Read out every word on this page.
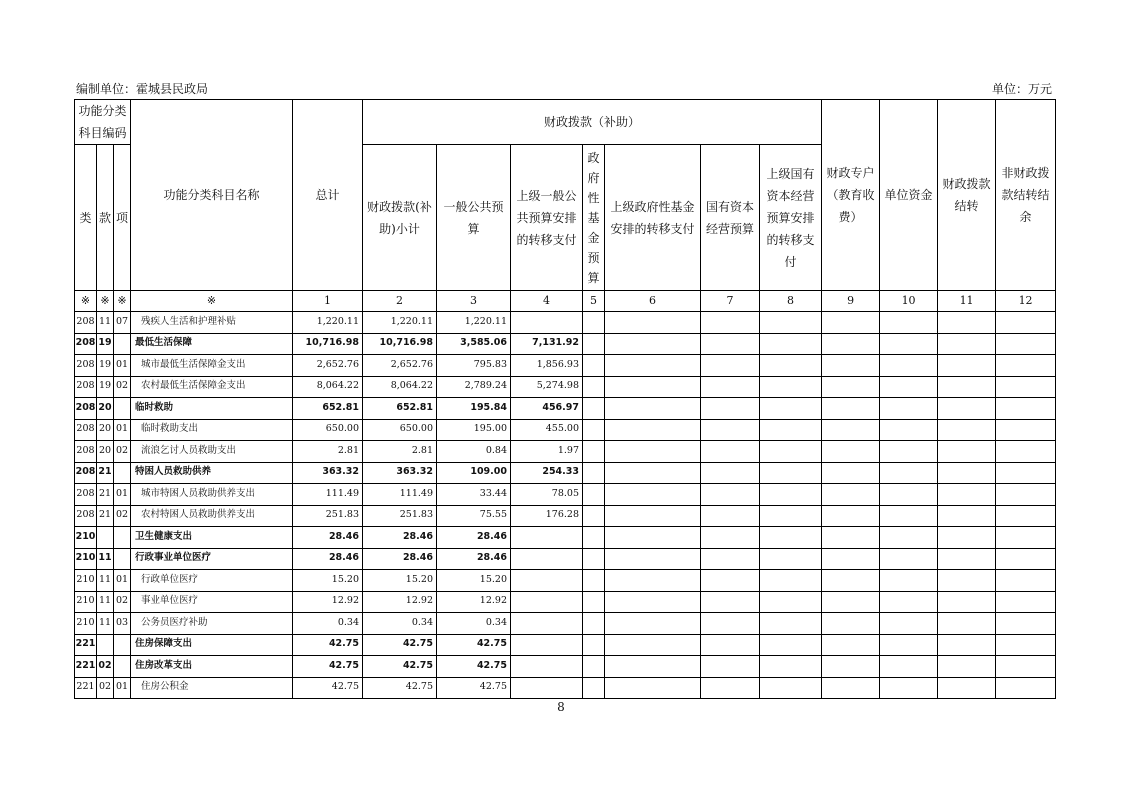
编制单位：霍城县民政局	单位：万元
功能分类科目编码			功能分类科目名称	总计	财政拨款（补助）							财政专户（教育收费）	单位资金	财政拨款结转	非财政拨款结转结余
类	款	项			财政拨款(补助)小计	一般公共预算	上级一般公共预算安排的转移支付	政府性基金预算	上级政府性基金安排的转移支付	国有资本经营预算	上级国有资本经营预算安排的转移支付				
※	※	※	※	1	2	3	4	5	6	7	8	9	10	11	12
208	11	07	残疾人生活和护理补贴	1,220.11	1,220.11	1,220.11									
208	19		最低生活保障	10,716.98	10,716.98	3,585.06	7,131.92								
208	19	01	城市最低生活保障金支出	2,652.76	2,652.76	795.83	1,856.93								
208	19	02	农村最低生活保障金支出	8,064.22	8,064.22	2,789.24	5,274.98								
208	20		临时救助	652.81	652.81	195.84	456.97								
208	20	01	临时救助支出	650.00	650.00	195.00	455.00								
208	20	02	流浪乞讨人员救助支出	2.81	2.81	0.84	1.97								
208	21		特困人员救助供养	363.32	363.32	109.00	254.33								
208	21	01	城市特困人员救助供养支出	111.49	111.49	33.44	78.05								
208	21	02	农村特困人员救助供养支出	251.83	251.83	75.55	176.28								
210			卫生健康支出	28.46	28.46	28.46									
210	11		行政事业单位医疗	28.46	28.46	28.46									
210	11	01	行政单位医疗	15.20	15.20	15.20									
210	11	02	事业单位医疗	12.92	12.92	12.92									
210	11	03	公务员医疗补助	0.34	0.34	0.34									
221			住房保障支出	42.75	42.75	42.75									
221	02		住房改革支出	42.75	42.75	42.75									
221	02	01	住房公积金	42.75	42.75	42.75									
8
